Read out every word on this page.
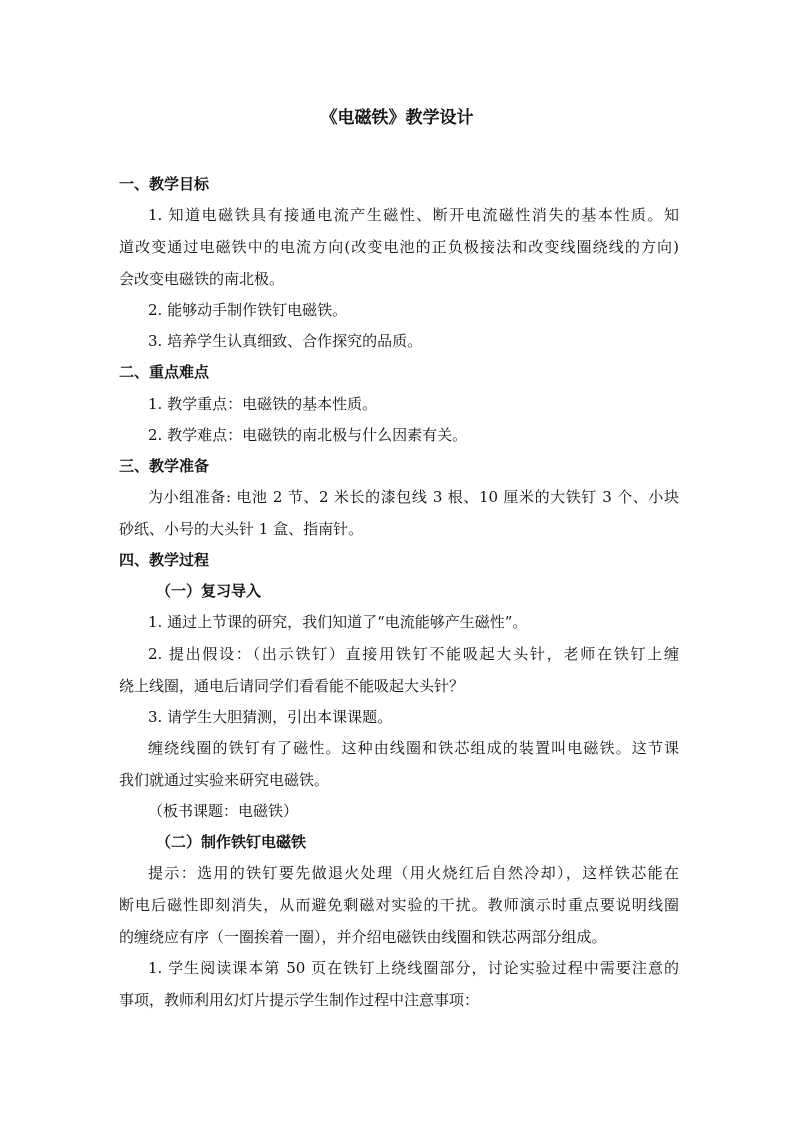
《电磁铁》教学设计
一、教学目标
1. 知道电磁铁具有接通电流产生磁性、断开电流磁性消失的基本性质。知
道改变通过电磁铁中的电流方向(改变电池的正负极接法和改变线圈绕线的方向)
会改变电磁铁的南北极。
2. 能够动手制作铁钉电磁铁。
3. 培养学生认真细致、合作探究的品质。
二、重点难点
1. 教学重点：电磁铁的基本性质。
2. 教学难点：电磁铁的南北极与什么因素有关。
三、教学准备
为小组准备: 电池 2 节、2 米长的漆包线 3 根、10 厘米的大铁钉 3 个、小块
砂纸、小号的大头针 1 盒、指南针。
四、教学过程
（一）复习导入
1. 通过上节课的研究，我们知道了“电流能够产生磁性”。
2. 提出假设：（出示铁钉）直接用铁钉不能吸起大头针，老师在铁钉上缠
绕上线圈，通电后请同学们看看能不能吸起大头针？
3. 请学生大胆猜测，引出本课课题。
缠绕线圈的铁钉有了磁性。这种由线圈和铁芯组成的装置叫电磁铁。这节课
我们就通过实验来研究电磁铁。
（板书课题：电磁铁）
（二）制作铁钉电磁铁
提示：选用的铁钉要先做退火处理（用火烧红后自然冷却），这样铁芯能在
断电后磁性即刻消失，从而避免剩磁对实验的干扰。教师演示时重点要说明线圈
的缠绕应有序（一圈挨着一圈），并介绍电磁铁由线圈和铁芯两部分组成。
1. 学生阅读课本第 50 页在铁钉上绕线圈部分，讨论实验过程中需要注意的
事项，教师利用幻灯片提示学生制作过程中注意事项：
